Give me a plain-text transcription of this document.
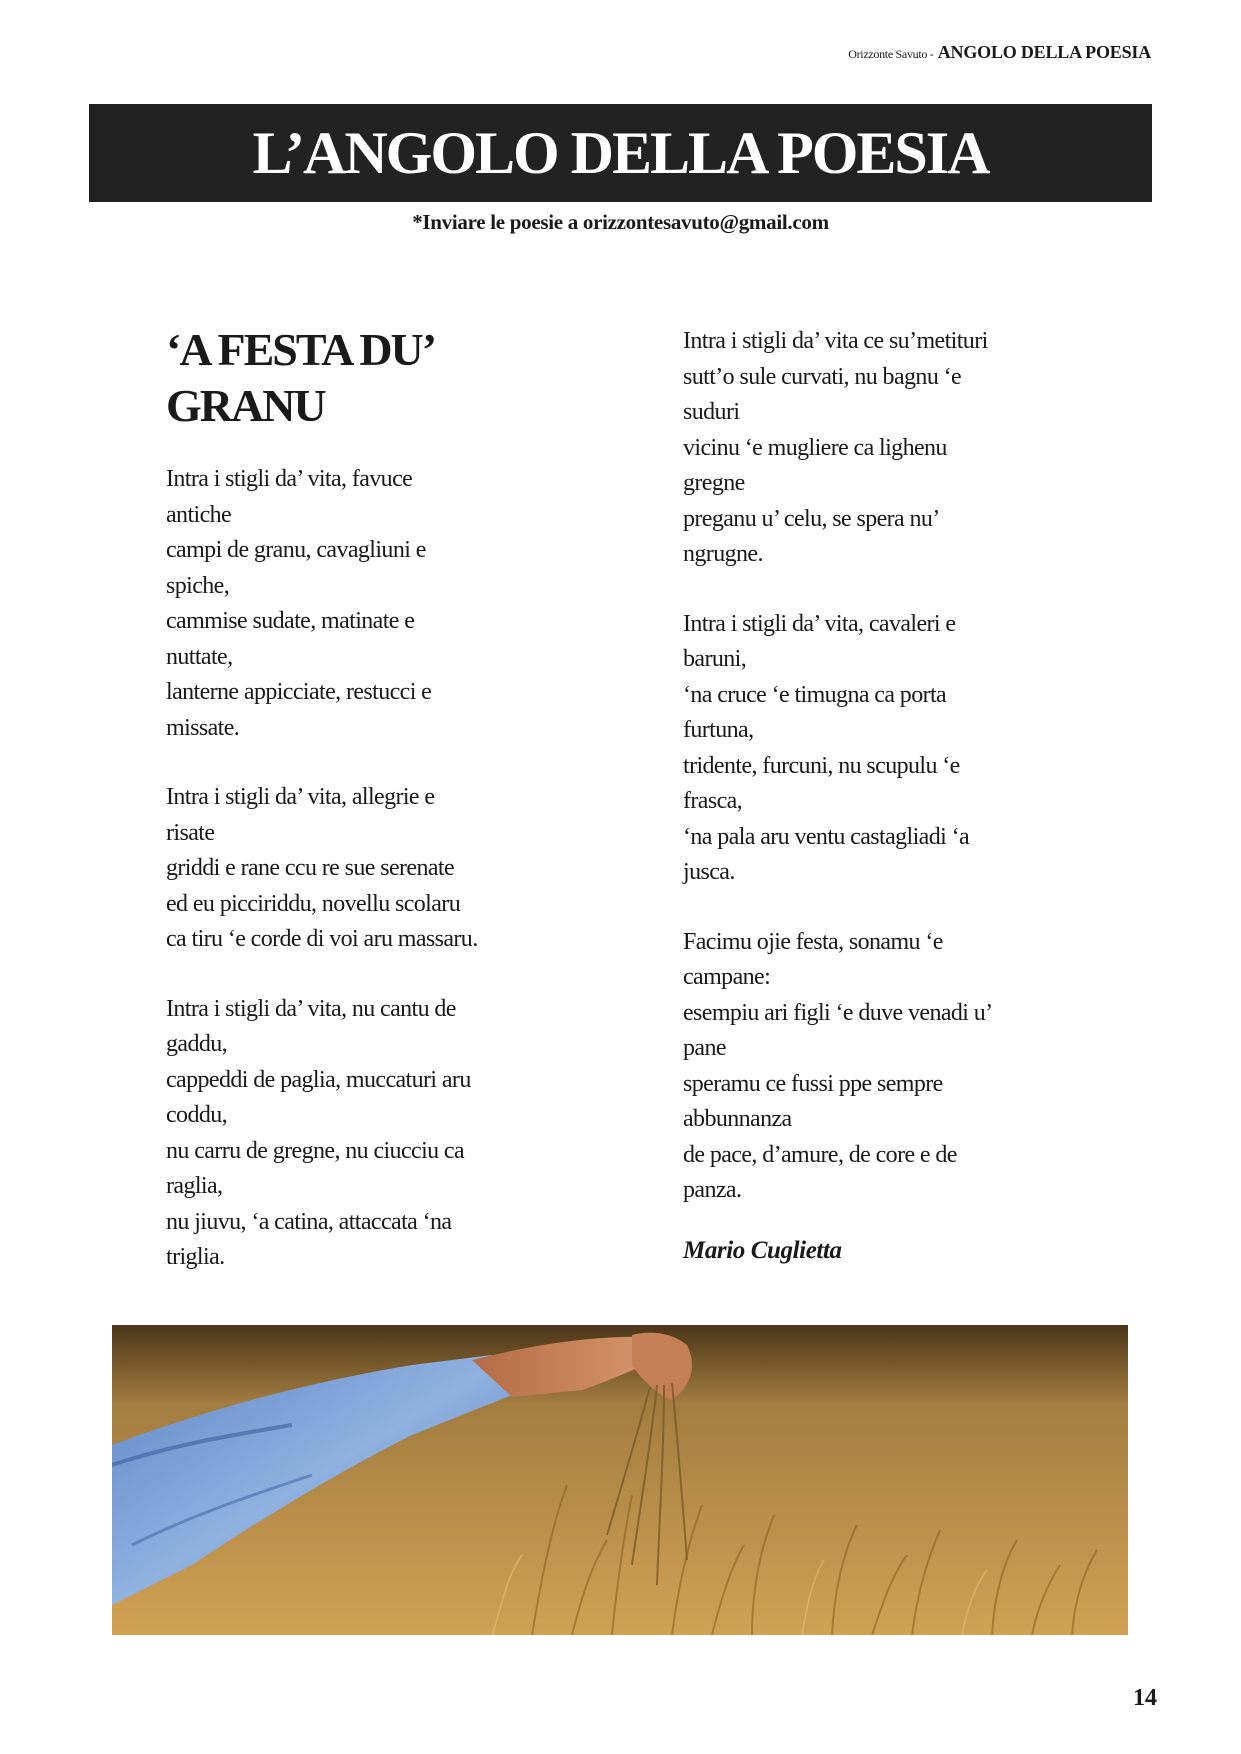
Orizzonte Savuto - ANGOLO DELLA POESIA
L’ANGOLO DELLA POESIA
*Inviare le poesie a orizzontesavuto@gmail.com
‘A FESTA DU’ GRANU
Intra i stigli da’ vita, favuce
antiche
campi de granu, cavagliuni e
spiche,
cammise sudate, matinate e
nuttate,
lanterne appicciate, restucci e
missate.
Intra i stigli da’ vita, allegrie e
risate
griddi e rane ccu re sue serenate
ed eu picciriddu, novellu scolaru
ca tiru ‘e corde di voi aru massaru.
Intra i stigli da’ vita, nu cantu de
gaddu,
cappeddi de paglia, muccaturi aru
coddu,
nu carru de gregne, nu ciucciu ca
raglia,
nu jiuvu, ‘a catina, attaccata ‘na
triglia.
Intra i stigli da’ vita ce su’metituri
sutt’o sule curvati, nu bagnu ‘e
suduri
vicinu ‘e mugliere ca lighenu
gregne
preganu u’ celu, se spera nu’
ngrugne.
Intra i stigli da’ vita, cavaleri e
baruni,
‘na cruce ‘e timugna ca porta
furtuna,
tridente, furcuni, nu scupulu ‘e
frasca,
‘na pala aru ventu castagliadi ‘a
jusca.
Facimu ojie festa, sonamu ‘e
campane:
esempiu ari figli ‘e duve venadi u’
pane
speramu ce fussi ppe sempre
abbunnanza
de pace, d’amure, de core e de
panza.
Mario Cuglietta
14
